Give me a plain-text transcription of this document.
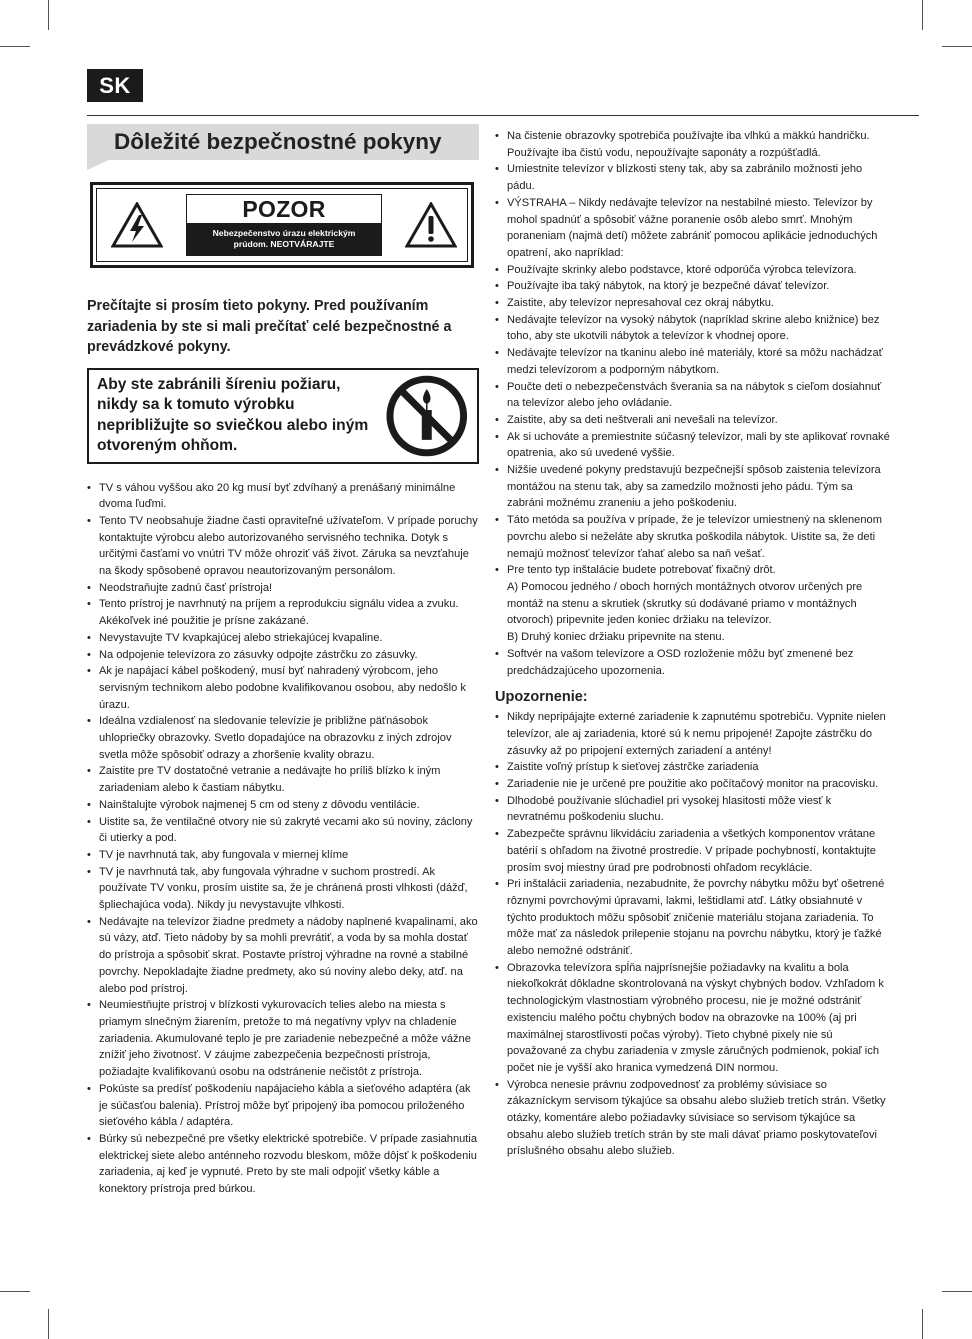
SK
Dôležité bezpečnostné pokyny
POZOR
Nebezpečenstvo úrazu elektrickým
prúdom. NEOTVÁRAJTE
Prečítajte si prosím tieto pokyny. Pred používaním zariadenia by ste si mali prečítať celé bezpečnostné a prevádzkové pokyny.
Aby ste zabránili šíreniu požiaru, nikdy sa k tomuto výrobku nepribližujte so sviečkou alebo iným otvoreným ohňom.
• TV s váhou vyššou ako 20 kg musí byť zdvíhaný a prenášaný minimálne dvoma ľuďmi.
• Tento TV neobsahuje žiadne časti opraviteľné užívateľom. V prípade poruchy kontaktujte výrobcu alebo autorizovaného servisného technika. Dotyk s určitými časťami vo vnútri TV môže ohroziť váš život. Záruka sa nevzťahuje na škody spôsobené opravou neautorizovaným personálom.
• Neodstraňujte zadnú časť prístroja!
• Tento prístroj je navrhnutý na príjem a reprodukciu signálu videa a zvuku. Akékoľvek iné použitie je prísne zakázané.
• Nevystavujte TV kvapkajúcej alebo striekajúcej kvapaline.
• Na odpojenie televízora zo zásuvky odpojte zástrčku zo zásuvky.
• Ak je napájací kábel poškodený, musí byť nahradený výrobcom, jeho servisným technikom alebo podobne kvalifikovanou osobou, aby nedošlo k úrazu.
• Ideálna vzdialenosť na sledovanie televízie je približne päťnásobok uhlopriečky obrazovky. Svetlo dopadajúce na obrazovku z iných zdrojov svetla môže spôsobiť odrazy a zhoršenie kvality obrazu.
• Zaistite pre TV dostatočné vetranie a nedávajte ho príliš blízko k iným zariadeniam alebo k častiam nábytku.
• Nainštalujte výrobok najmenej 5 cm od steny z dôvodu ventilácie.
• Uistite sa, že ventilačné otvory nie sú zakryté vecami ako sú noviny, záclony či utierky a pod.
• TV je navrhnutá tak, aby fungovala v miernej klíme
• TV je navrhnutá tak, aby fungovala výhradne v suchom prostredí. Ak používate TV vonku, prosím uistite sa, že je chránená prosti vlhkosti (dážď, špliechajúca voda). Nikdy ju nevystavujte vlhkosti.
• Nedávajte na televízor žiadne predmety a nádoby naplnené kvapalinami, ako sú vázy, atď. Tieto nádoby by sa mohli prevrátiť, a voda by sa mohla dostať do prístroja a spôsobiť skrat. Postavte prístroj výhradne na rovné a stabilné povrchy. Nepokladajte žiadne predmety, ako sú noviny alebo deky, atď. na alebo pod prístroj.
• Neumiestňujte prístroj v blízkosti vykurovacích telies alebo na miesta s priamym slnečným žiarením, pretože to má negatívny vplyv na chladenie zariadenia. Akumulované teplo je pre zariadenie nebezpečné a môže vážne znížiť jeho životnosť. V záujme zabezpečenia bezpečnosti prístroja, požiadajte kvalifikovanú osobu na odstránenie nečistôt z prístroja.
• Pokúste sa predísť poškodeniu napájacieho kábla a sieťového adaptéra (ak je súčasťou balenia). Prístroj môže byť pripojený iba pomocou priloženého sieťového kábla / adaptéra.
• Búrky sú nebezpečné pre všetky elektrické spotrebiče. V prípade zasiahnutia elektrickej siete alebo anténneho rozvodu bleskom, môže dôjsť k poškodeniu zariadenia, aj keď je vypnuté. Preto by ste mali odpojiť všetky káble a konektory prístroja pred búrkou.
• Na čistenie obrazovky spotrebiča používajte iba vlhkú a mäkkú handričku. Používajte iba čistú vodu, nepoužívajte saponáty a rozpúšťadlá.
• Umiestnite televízor v blízkosti steny tak, aby sa zabránilo možnosti jeho pádu.
• VÝSTRAHA – Nikdy nedávajte televízor na nestabilné miesto. Televízor by mohol spadnúť a spôsobiť vážne poranenie osôb alebo smrť. Mnohým poraneniam (najmä detí) môžete zabrániť pomocou aplikácie jednoduchých opatrení, ako napríklad:
• Používajte skrinky alebo podstavce, ktoré odporúča výrobca televízora.
• Používajte iba taký nábytok, na ktorý je bezpečné dávať televízor.
• Zaistite, aby televízor nepresahoval cez okraj nábytku.
• Nedávajte televízor na vysoký nábytok (napríklad skrine alebo knižnice) bez toho, aby ste ukotvili nábytok a televízor k vhodnej opore.
• Nedávajte televízor na tkaninu alebo iné materiály, ktoré sa môžu nachádzať medzi televízorom a podporným nábytkom.
• Poučte deti o nebezpečenstvách šverania sa na nábytok s cieľom dosiahnuť na televízor alebo jeho ovládanie.
• Zaistite, aby sa deti neštverali ani nevešali na televízor.
• Ak si uchováte a premiestnite súčasný televízor, mali by ste aplikovať rovnaké opatrenia, ako sú uvedené vyššie.
• Nižšie uvedené pokyny predstavujú bezpečnejší spôsob zaistenia televízora montážou na stenu tak, aby sa zamedzilo možnosti jeho pádu. Tým sa zabráni možnému zraneniu a jeho poškodeniu.
• Táto metóda sa používa v prípade, že je televízor umiestnený na sklenenom povrchu alebo si neželáte aby skrutka poškodila nábytok. Uistite sa, že deti nemajú možnosť televízor ťahať alebo sa naň vešať.
• Pre tento typ inštalácie budete potrebovať fixačný drôt.
A) Pomocou jedného / oboch horných montážnych otvorov určených pre montáž na stenu a skrutiek (skrutky sú dodávané priamo v montážnych otvoroch) pripevnite jeden koniec držiaku na televízor.
B) Druhý koniec držiaku pripevnite na stenu.
• Softvér na vašom televízore a OSD rozloženie môžu byť zmenené bez predchádzajúceho upozornenia.
Upozornenie:
• Nikdy nepripájajte externé zariadenie k zapnutému spotrebiču. Vypnite nielen televízor, ale aj zariadenia, ktoré sú k nemu pripojené! Zapojte zástrčku do zásuvky až po pripojení externých zariadení a antény!
• Zaistite voľný prístup k sieťovej zástrčke zariadenia
• Zariadenie nie je určené pre použitie ako počítačový monitor na pracovisku.
• Dlhodobé používanie slúchadiel pri vysokej hlasitosti môže viesť k nevratnému poškodeniu sluchu.
• Zabezpečte správnu likvidáciu zariadenia a všetkých komponentov vrátane batérií s ohľadom na životné prostredie. V prípade pochybností, kontaktujte prosím svoj miestny úrad pre podrobnosti ohľadom recyklácie.
• Pri inštalácii zariadenia, nezabudnite, že povrchy nábytku môžu byť ošetrené rôznymi povrchovými úpravami, lakmi, leštidlami atď. Látky obsiahnuté v týchto produktoch môžu spôsobiť zničenie materiálu stojana zariadenia. To môže mať za následok prilepenie stojanu na povrchu nábytku, ktorý je ťažké alebo nemožné odstrániť.
• Obrazovka televízora spĺňa najprísnejšie požiadavky na kvalitu a bola niekoľkokrát dôkladne skontrolovaná na výskyt chybných bodov. Vzhľadom k technologickým vlastnostiam výrobného procesu, nie je možné odstrániť existenciu malého počtu chybných bodov na obrazovke na 100% (aj pri maximálnej starostlivosti počas výroby). Tieto chybné pixely nie sú považované za chybu zariadenia v zmysle záručných podmienok, pokiaľ ich počet nie je vyšší ako hranica vymedzená DIN normou.
• Výrobca nenesie právnu zodpovednosť za problémy súvisiace so zákazníckym servisom týkajúce sa obsahu alebo služieb tretích strán. Všetky otázky, komentáre alebo požiadavky súvisiace so servisom týkajúce sa obsahu alebo služieb tretích strán by ste mali dávať priamo poskytovateľovi príslušného obsahu alebo služieb.
